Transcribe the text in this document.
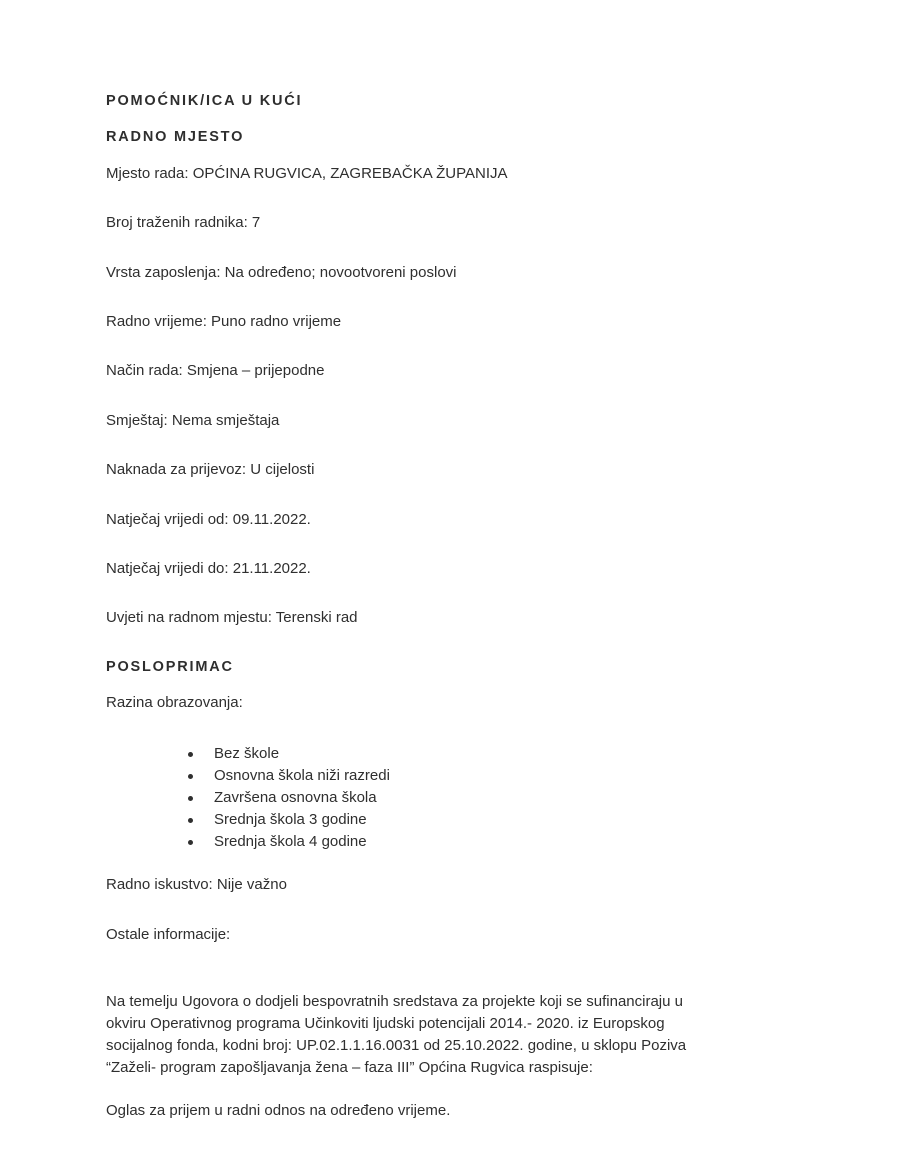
POMOĆNIK/ICA U KUĆI
RADNO MJESTO
Mjesto rada: OPĆINA RUGVICA, ZAGREBAČKA ŽUPANIJA
Broj traženih radnika: 7
Vrsta zaposlenja: Na određeno; novootvoreni poslovi
Radno vrijeme: Puno radno vrijeme
Način rada: Smjena – prijepodne
Smještaj: Nema smještaja
Naknada za prijevoz: U cijelosti
Natječaj vrijedi od: 09.11.2022.
Natječaj vrijedi do: 21.11.2022.
Uvjeti na radnom mjestu: Terenski rad
POSLOPRIMAC
Razina obrazovanja:
Bez škole
Osnovna škola niži razredi
Završena osnovna škola
Srednja škola 3 godine
Srednja škola 4 godine
Radno iskustvo: Nije važno
Ostale informacije:
Na temelju Ugovora o dodjeli bespovratnih sredstava za projekte koji se sufinanciraju u
okviru Operativnog programa Učinkoviti ljudski potencijali 2014.- 2020. iz Europskog
socijalnog fonda, kodni broj: UP.02.1.1.16.0031 od 25.10.2022. godine, u sklopu Poziva
“Zaželi- program zapošljavanja žena – faza III” Općina Rugvica raspisuje:
Oglas za prijem u radni odnos na određeno vrijeme.
